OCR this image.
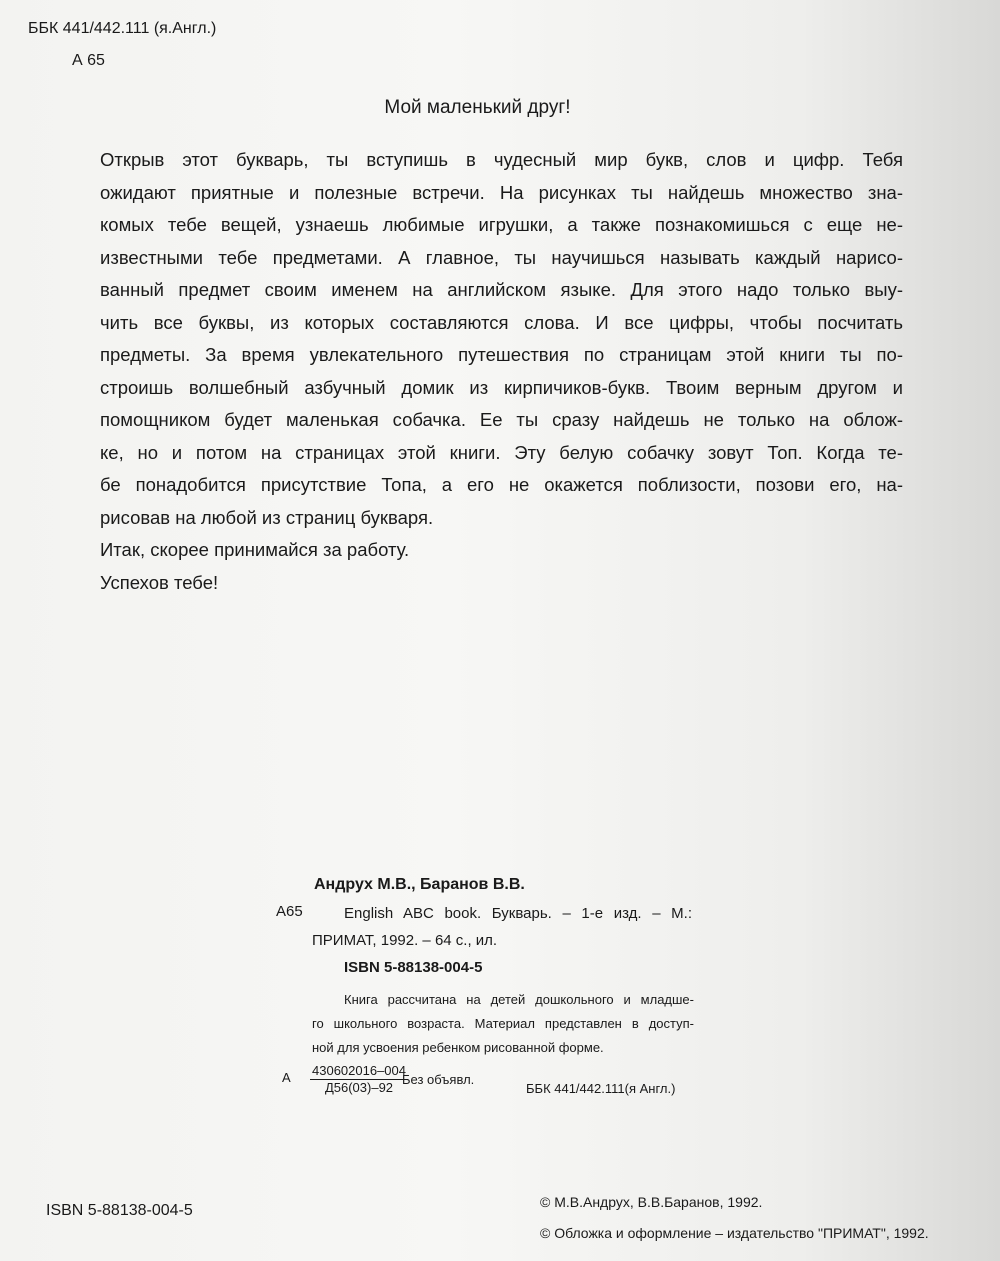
ББК 441/442.111 (я.Англ.)
А 65
Мой маленький друг!
Открыв этот букварь, ты вступишь в чудесный мир букв, слов и цифр. Тебя
ожидают приятные и полезные встречи. На рисунках ты найдешь множество зна-
комых тебе вещей, узнаешь любимые игрушки, а также познакомишься с еще не-
известными тебе предметами. А главное, ты научишься называть каждый нарисо-
ванный предмет своим именем на английском языке. Для этого надо только выу-
чить все буквы, из которых составляются слова. И все цифры, чтобы посчитать
предметы. За время увлекательного путешествия по страницам этой книги ты по-
строишь волшебный азбучный домик из кирпичиков-букв. Твоим верным другом и
помощником будет маленькая собачка. Ее ты сразу найдешь не только на облож-
ке, но и потом на страницах этой книги. Эту белую собачку зовут Топ. Когда те-
бе понадобится присутствие Топа, а его не окажется поблизости, позови его, на-
рисовав на любой из страниц букваря.
Итак, скорее принимайся за работу.
Успехов тебе!
Андрух М.В., Баранов В.В.
А65	English ABC book. Букварь. – 1-е изд. – М.:
ПРИМАТ, 1992. – 64 с., ил.
ISBN 5-88138-004-5
Книга рассчитана на детей дошкольного и младше-
го школьного возраста. Материал представлен в доступ-
ной для усвоения ребенком рисованной форме.
А 430602016–004
Д56(03)–92
Без объявл.
ББК 441/442.111(я Англ.)
ISBN 5-88138-004-5	© М.В.Андрух, В.В.Баранов, 1992.
© Обложка и оформление – издательство "ПРИМАТ", 1992.
